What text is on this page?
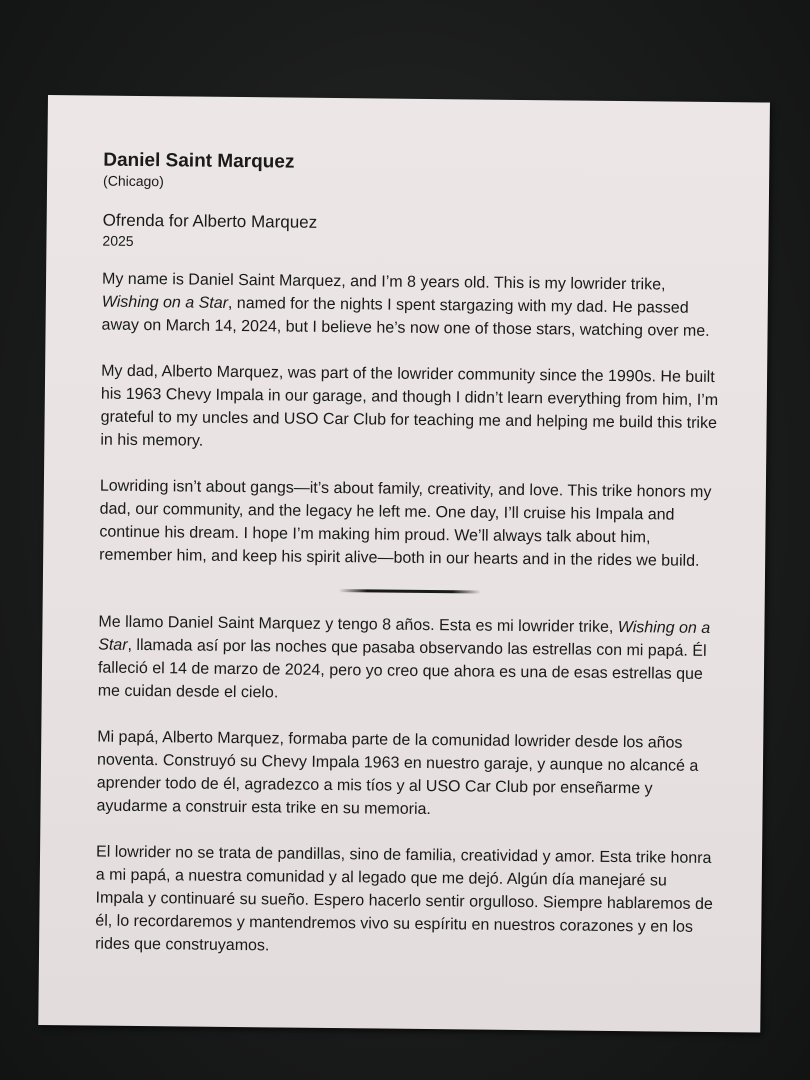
Daniel Saint Marquez

(Chicago)

Ofrenda for Alberto Marquez

2025

My name is Daniel Saint Marquez, and I’m 8 years old. This is my lowrider trike, Wishing on a Star, named for the nights I spent stargazing with my dad. He passed away on March 14, 2024, but I believe he’s now one of those stars, watching over me.

My dad, Alberto Marquez, was part of the lowrider community since the 1990s. He built his 1963 Chevy Impala in our garage, and though I didn’t learn everything from him, I’m grateful to my uncles and USO Car Club for teaching me and helping me build this trike in his memory.

Lowriding isn’t about gangs—it’s about family, creativity, and love. This trike honors my dad, our community, and the legacy he left me. One day, I’ll cruise his Impala and continue his dream. I hope I’m making him proud. We’ll always talk about him, remember him, and keep his spirit alive—both in our hearts and in the rides we build.

Me llamo Daniel Saint Marquez y tengo 8 años. Esta es mi lowrider trike, Wishing on a Star, llamada así por las noches que pasaba observando las estrellas con mi papá. Él falleció el 14 de marzo de 2024, pero yo creo que ahora es una de esas estrellas que me cuidan desde el cielo.

Mi papá, Alberto Marquez, formaba parte de la comunidad lowrider desde los años noventa. Construyó su Chevy Impala 1963 en nuestro garaje, y aunque no alcancé a aprender todo de él, agradezco a mis tíos y al USO Car Club por enseñarme y ayudarme a construir esta trike en su memoria.

El lowrider no se trata de pandillas, sino de familia, creatividad y amor. Esta trike honra a mi papá, a nuestra comunidad y al legado que me dejó. Algún día manejaré su Impala y continuaré su sueño. Espero hacerlo sentir orgulloso. Siempre hablaremos de él, lo recordaremos y mantendremos vivo su espíritu en nuestros corazones y en los rides que construyamos.
